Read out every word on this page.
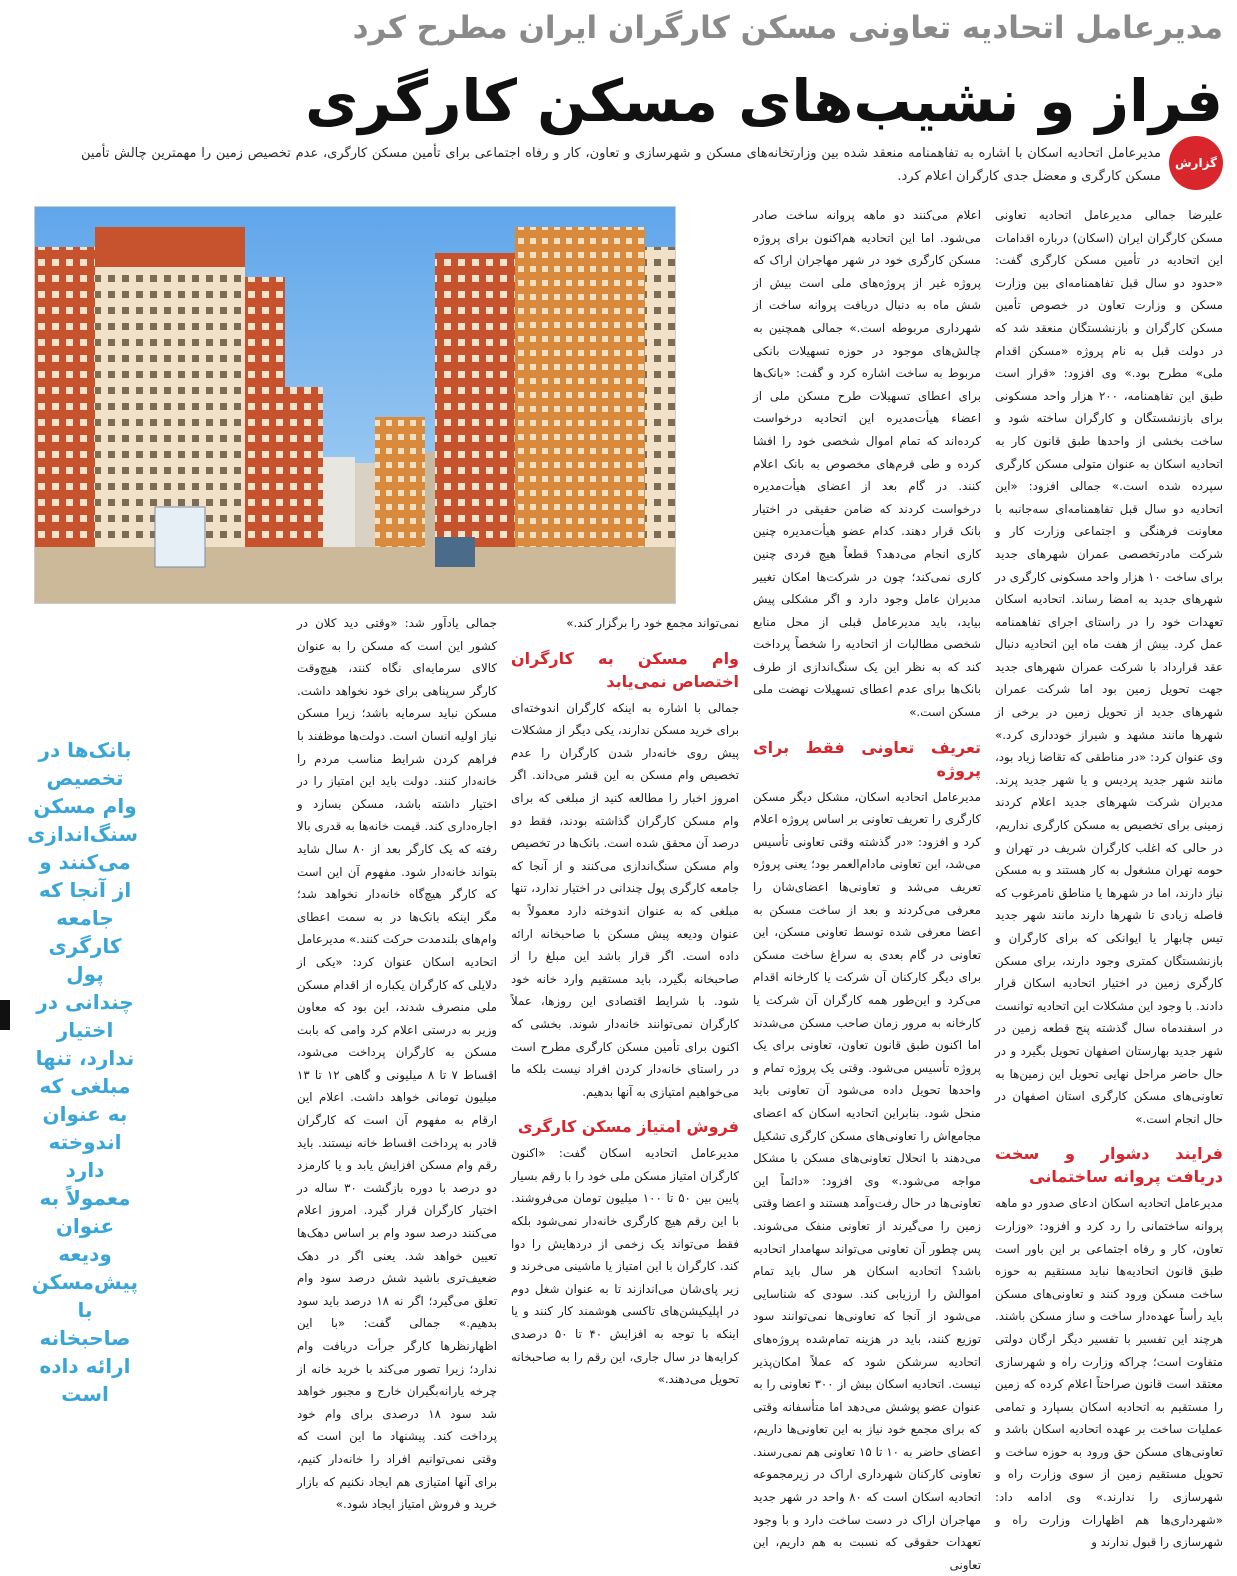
مدیرعامل اتحادیه تعاونی مسکن کارگران ایران مطرح کرد
فراز و نشیب‌های مسکن کارگری
گزارش
مدیرعامل اتحادیه اسکان با اشاره به تفاهمنامه منعقد شده بین وزارتخانه‌های مسکن و شهرسازی و تعاون، کار و رفاه اجتماعی برای تأمین مسکن کارگری، عدم تخصیص زمین را مهمترین چالش تأمین مسکن کارگری و معضل جدی کارگران اعلام کرد.

علیرضا جمالی مدیرعامل اتحادیه تعاونی مسکن کارگران ایران (اسکان) درباره اقدامات این اتحادیه در تأمین مسکن کارگری گفت: «حدود دو سال قبل تفاهمنامه‌ای بین وزارت مسکن و وزارت تعاون در خصوص تأمین مسکن کارگران و بازنشستگان منعقد شد که در دولت قبل به نام پروژه «مسکن اقدام ملی» مطرح بود.» وی افزود: «قرار است طبق این تفاهمنامه، ۲۰۰ هزار واحد مسکونی برای بازنشستگان و کارگران ساخته شود و ساخت بخشی از واحدها طبق قانون کار به اتحادیه اسکان به عنوان متولی مسکن کارگری سپرده شده است.» جمالی افزود: «این اتحادیه دو سال قبل تفاهمنامه‌ای سه‌جانبه با معاونت فرهنگی و اجتماعی وزارت کار و شرکت مادرتخصصی عمران شهرهای جدید برای ساخت ۱۰ هزار واحد مسکونی کارگری در شهرهای جدید به امضا رساند. اتحادیه اسکان تعهدات خود را در راستای اجرای تفاهمنامه عمل کرد. بیش از هفت ماه این اتحادیه دنبال عقد قرارداد با شرکت عمران شهرهای جدید جهت تحویل زمین بود اما شرکت عمران شهرهای جدید از تحویل زمین در برخی از شهرها مانند مشهد و شیراز خودداری کرد.» وی عنوان کرد: «در مناطقی که تقاضا زیاد بود، مانند شهر جدید پردیس و یا شهر جدید پرند. مدیران شرکت شهرهای جدید اعلام کردند زمینی برای تخصیص به مسکن کارگری نداریم، در حالی که اغلب کارگران شریف در تهران و حومه تهران مشغول به کار هستند و به مسکن نیاز دارند، اما در شهرها یا مناطق نامرغوب که فاصله زیادی تا شهرها دارند مانند شهر جدید تیس چابهار یا ایوانکی که برای کارگران و بازنشستگان کمتری وجود دارند، برای مسکن کارگری زمین در اختیار اتحادیه اسکان قرار دادند. با وجود این مشکلات این اتحادیه توانست در اسفندماه سال گذشته پنج قطعه زمین در شهر جدید بهارستان اصفهان تحویل بگیرد و در حال حاضر مراحل نهایی تحویل این زمین‌ها به تعاونی‌های مسکن کارگری استان اصفهان در حال انجام است.»

فرایند دشوار و سخت دریافت پروانه ساختمانی

مدیرعامل اتحادیه اسکان ادعای صدور دو ماهه پروانه ساختمانی را رد کرد و افزود: «وزارت تعاون، کار و رفاه اجتماعی بر این باور است طبق قانون اتحادیه‌ها نباید مستقیم به حوزه ساخت مسکن ورود کنند و تعاونی‌های مسکن باید رأساً عهده‌دار ساخت و ساز مسکن باشند. هرچند این تفسیر با تفسیر دیگر ارگان دولتی متفاوت است؛ چراکه وزارت راه و شهرسازی معتقد است قانون صراحتاً اعلام کرده که زمین را مستقیم به اتحادیه اسکان بسپارد و تمامی عملیات ساخت بر عهده اتحادیه اسکان باشد و تعاونی‌های مسکن حق ورود به حوزه ساخت و تحویل مستقیم زمین از سوی وزارت راه و شهرسازی را ندارند.» وی ادامه داد: «شهرداری‌ها هم اظهارات وزارت راه و شهرسازی را قبول ندارند و

اعلام می‌کنند دو ماهه پروانه ساخت صادر می‌شود. اما این اتحادیه هم‌اکنون برای پروژه مسکن کارگری خود در شهر مهاجران اراک که پروژه غیر از پروژه‌های ملی است بیش از شش ماه به دنبال دریافت پروانه ساخت از شهرداری مربوطه است.» جمالی همچنین به چالش‌های موجود در حوزه تسهیلات بانکی مربوط به ساخت اشاره کرد و گفت: «بانک‌ها برای اعطای تسهیلات طرح مسکن ملی از اعضاء هیأت‌مدیره این اتحادیه درخواست کرده‌اند که تمام اموال شخصی خود را افشا کرده و طی فرم‌های مخصوص به بانک اعلام کنند. در گام بعد از اعضای هیأت‌مدیره درخواست کردند که ضامن حقیقی در اختیار بانک قرار دهند. کدام عضو هیأت‌مدیره چنین کاری انجام می‌دهد؟ قطعاً هیچ فردی چنین کاری نمی‌کند؛ چون در شرکت‌ها امکان تغییر مدیران عامل وجود دارد و اگر مشکلی پیش بیاید، باید مدیرعامل قبلی از محل منابع شخصی مطالبات از اتحادیه را شخصاً پرداخت کند که به نظر این یک سنگ‌اندازی از طرف بانک‌ها برای عدم اعطای تسهیلات نهضت ملی مسکن است.»

تعریف تعاونی فقط برای پروژه

مدیرعامل اتحادیه اسکان، مشکل دیگر مسکن کارگری را تعریف تعاونی بر اساس پروژه اعلام کرد و افزود: «در گذشته وقتی تعاونی تأسیس می‌شد، این تعاونی مادام‌العمر بود؛ یعنی پروژه تعریف می‌شد و تعاونی‌ها اعضای‌شان را معرفی می‌کردند و بعد از ساخت مسکن به اعضا معرفی شده توسط تعاونی مسکن، این تعاونی در گام بعدی به سراغ ساخت مسکن برای دیگر کارکنان آن شرکت یا کارخانه اقدام می‌کرد و این‌طور همه کارگران آن شرکت یا کارخانه به مرور زمان صاحب مسکن می‌شدند اما اکنون طبق قانون تعاون، تعاونی برای یک پروژه تأسیس می‌شود. وقتی یک پروژه تمام و واحدها تحویل داده می‌شود آن تعاونی باید منحل شود. بنابراین اتحادیه اسکان که اعضای مجامع‌اش را تعاونی‌های مسکن کارگری تشکیل می‌دهند با انحلال تعاونی‌های مسکن با مشکل مواجه می‌شود.» وی افزود: «دائماً این تعاونی‌ها در حال رفت‌وآمد هستند و اعضا وقتی زمین را می‌گیرند از تعاونی منفک می‌شوند. پس چطور آن تعاونی می‌تواند سهامدار اتحادیه باشد؟ اتحادیه اسکان هر سال باید تمام اموالش را ارزیابی کند. سودی که شناسایی می‌شود از آنجا که تعاونی‌ها نمی‌توانند سود توزیع کنند، باید در هزینه تمام‌شده پروژه‌های اتحادیه سرشکن شود که عملاً امکان‌پذیر نیست. اتحادیه اسکان بیش از ۳۰۰ تعاونی را به عنوان عضو پوشش می‌دهد اما متأسفانه وقتی که برای مجمع خود نیاز به این تعاونی‌ها داریم، اعضای حاضر به ۱۰ تا ۱۵ تعاونی هم نمی‌رسند. تعاونی کارکنان شهرداری اراک در زیرمجموعه اتحادیه اسکان است که ۸۰ واحد در شهر جدید مهاجران اراک در دست ساخت دارد و با وجود تعهدات حقوقی که نسبت به هم داریم، این تعاونی

نمی‌تواند مجمع خود را برگزار کند.»

وام مسکن به کارگران اختصاص نمی‌یابد

جمالی با اشاره به اینکه کارگران اندوخته‌ای برای خرید مسکن ندارند، یکی دیگر از مشکلات پیش روی خانه‌دار شدن کارگران را عدم تخصیص وام مسکن به این قشر می‌داند. اگر امروز اخبار را مطالعه کنید از مبلغی که برای وام مسکن کارگران گذاشته بودند، فقط دو درصد آن محقق شده است. بانک‌ها در تخصیص وام مسکن سنگ‌اندازی می‌کنند و از آنجا که جامعه کارگری پول چندانی در اختیار ندارد، تنها مبلغی که به عنوان اندوخته دارد معمولاً به عنوان ودیعه پیش مسکن با صاحبخانه ارائه داده است. اگر قرار باشد این مبلغ را از صاحبخانه بگیرد، باید مستقیم وارد خانه خود شود. با شرایط اقتصادی این روزها، عملاً کارگران نمی‌توانند خانه‌دار شوند. بخشی که اکنون برای تأمین مسکن کارگری مطرح است در راستای خانه‌دار کردن افراد نیست بلکه ما می‌خواهیم امتیازی به آنها بدهیم.

فروش امتیاز مسکن کارگری

مدیرعامل اتحادیه اسکان گفت: «اکنون کارگران امتیاز مسکن ملی خود را با رقم بسیار پایین بین ۵۰ تا ۱۰۰ میلیون تومان می‌فروشند. با این رقم هیچ کارگری خانه‌دار نمی‌شود بلکه فقط می‌تواند یک زخمی از دردهایش را دوا کند. کارگران با این امتیاز یا ماشینی می‌خرند و زیر پای‌شان می‌اندازند تا به عنوان شغل دوم در اپلیکیشن‌های تاکسی هوشمند کار کنند و یا اینکه با توجه به افزایش ۴۰ تا ۵۰ درصدی کرایه‌ها در سال جاری، این رقم را به صاحبخانه تحویل می‌دهند.»

جمالی یادآور شد: «وقتی دید کلان در کشور این است که مسکن را به عنوان کالای سرمایه‌ای نگاه کنند، هیچ‌وقت کارگر سرپناهی برای خود نخواهد داشت. مسکن نباید سرمایه باشد؛ زیرا مسکن نیاز اولیه انسان است. دولت‌ها موظفند با فراهم کردن شرایط مناسب مردم را خانه‌دار کنند. دولت باید این امتیاز را در اختیار داشته باشد، مسکن بسازد و اجاره‌داری کند. قیمت خانه‌ها به قدری بالا رفته که یک کارگر بعد از ۸۰ سال شاید بتواند خانه‌دار شود. مفهوم آن این است که کارگر هیچ‌گاه خانه‌دار نخواهد شد؛ مگر اینکه بانک‌ها در به سمت اعطای وام‌های بلندمدت حرکت کنند.» مدیرعامل اتحادیه اسکان عنوان کرد: «یکی از دلایلی که کارگران یکباره از اقدام مسکن ملی منصرف شدند، این بود که معاون وزیر به درستی اعلام کرد وامی که بابت مسکن به کارگران پرداخت می‌شود، اقساط ۷ تا ۸ میلیونی و گاهی ۱۲ تا ۱۳ میلیون تومانی خواهد داشت. اعلام این ارقام به مفهوم آن است که کارگران قادر به پرداخت اقساط خانه نیستند. باید رقم وام مسکن افزایش یابد و یا کارمزد دو درصد با دوره بازگشت ۳۰ ساله در اختیار کارگران قرار گیرد. امروز اعلام می‌کنند درصد سود وام بر اساس دهک‌ها تعیین خواهد شد. یعنی اگر در دهک ضعیف‌تری باشید شش درصد سود وام تعلق می‌گیرد؛ اگر نه ۱۸ درصد باید سود بدهیم.» جمالی گفت: «با این اظهارنظرها کارگر جرأت دریافت وام ندارد؛ زیرا تصور می‌کند با خرید خانه از چرخه یارانه‌بگیران خارج و مجبور خواهد شد سود ۱۸ درصدی برای وام خود پرداخت کند. پیشنهاد ما این است که وقتی نمی‌توانیم افراد را خانه‌دار کنیم، برای آنها امتیازی هم ایجاد نکنیم که بازار خرید و فروش امتیاز ایجاد شود.»

بانک‌ها در تخصیص وام مسکن سنگ‌اندازی می‌کنند و از آنجا که جامعه کارگری پول چندانی در اختیار ندارد، تنها مبلغی که به عنوان اندوخته دارد معمولاً به عنوان ودیعه پیش‌مسکن با صاحبخانه ارائه داده است
